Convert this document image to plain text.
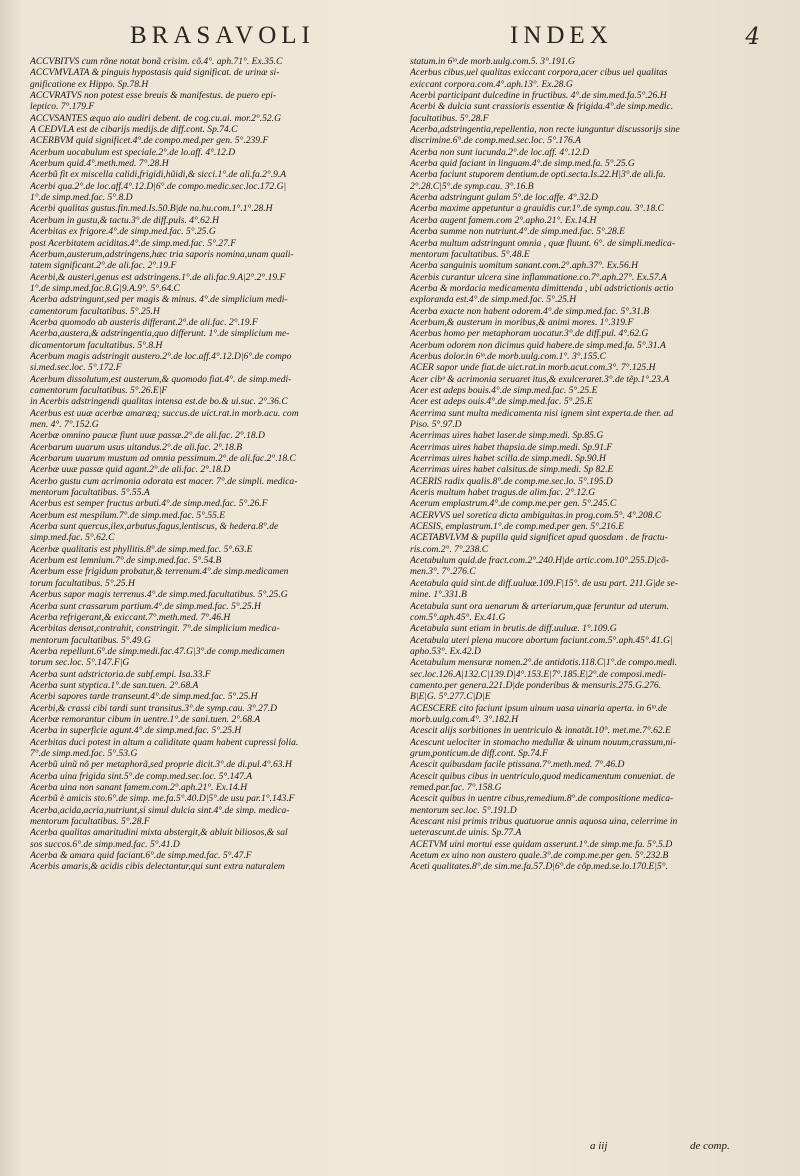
BRASAVOLI	INDEX	4
ACCVBITVS cum rõne notat bonã crisim. cõ.4°. aph.71°. Ex.35.C
ACCVMVLATA & pinguis hypostasis quid significat. de urinæ si-
gnificatione ex Hippo. Sp.78.H
ACCVRATVS non potest esse breuis & manifestus. de puero epi-
leptico. 7°.179.F
ACCVSANTES æquo aio audiri debent. de cog.cu.ai. mor.2°.52.G
A CEDVLA est de cibarijs medijs.de diff.cont. Sp.74.C
ACERBVM quid significet.4°.de compo.med.per gen. 5°.239.F
Acerbum uocabulum est speciale.2°.de lo.aff. 4°.12.D
Acerbum quid.4°.meth.med. 7°.28.H
Acerbũ fit ex miscella calidi,frigidi,hũidi,& sicci.1°.de ali.fa.2°.9.A
Acerbi qua.2°.de loc.aff.4°.12.D|6°.de compo.medic.sec.loc.172.G|
1°.de simp.med.fac. 5°.8.D
Acerbi qualitas gustus.fin.med.Is.50.B|de na.hu.com.1°.1°.28.H
Acerbum in gustu,& tactu.3°.de diff.puls. 4°.62.H
Acerbitas ex frigore.4°.de simp.med.fac. 5°.25.G
post Acerbitatem aciditas.4°.de simp.med.fac. 5°.27.F
Acerbum,austerum,adstringens,hæc tria saporis nomina,unam quali-
tatem significant.2°.de ali.fac. 2°.19.F
Acerbi,& austeri,genus est adstringens.1°.de ali.fac.9.A|2°.2°.19.F
1°.de simp.med.fac.8.G|9.A.9°. 5°.64.C
Acerba adstringunt,sed per magis & minus. 4°.de simplicium medi-
camentorum facultatibus. 5°.25.H
Acerba quomodo ab austeris differant.2°.de ali.fac. 2°.19.F
Acerba,austera,& adstringentia,quo differunt. 1°.de simplicium me-
dicamentorum facultatibus. 5°.8.H
Acerbum magis adstringit austero.2°.de loc.aff.4°.12.D|6°.de compo
si.med.sec.loc. 5°.172.F
Acerbum dissolutum,est austerum,& quomodo fiat.4°. de simp.medi-
camentorum facultatibus. 5°.26.E|F
in Acerbis adstringendi qualitas intensa est.de bo.& ui.suc. 2°.36.C
Acerbus est uuæ acerbæ amaræq; succus.de uict.rat.in morb.acu. com
men. 4°. 7°.152.G
Acerbæ omnino paucæ fiunt uuæ passæ.2°.de ali.fac. 2°.18.D
Acerbarum uuarum usus uitandus.2°.de ali.fac. 2°.18.B
Acerbarum uuarum mustum ad omnia pessimum.2°.de ali.fac.2°.18.C
Acerbæ uuæ passæ quid agant.2°.de ali.fac. 2°.18.D
Acerbo gustu cum acrimonia odorata est macer. 7°.de simpli. medica-
mentorum facultatibus. 5°.55.A
Acerbus est semper fructus arbuti.4°.de simp.med.fac. 5°.26.F
Acerbum est mespilum.7°.de simp.med.fac. 5°.55.E
Acerba sunt quercus,ilex,arbutus,fagus,lentiscus, & hedera.8°.de
simp.med.fac. 5°.62.C
Acerbæ qualitatis est phyllitis.8°.de simp.med.fac. 5°.63.E
Acerbum est lemnium.7°.de simp.med.fac. 5°.54.B
Acerbum esse frigidum probatur,& terrenum.4°.de simp.medicamen
torum facultatibus. 5°.25.H
Acerbus sapor magis terrenus.4°.de simp.med.facultatibus. 5°.25.G
Acerba sunt crassarum partium.4°.de simp.med.fac. 5°.25.H
Acerba refrigerant,& exiccant.7°.meth.med. 7°.46.H
Acerbitas densat,contrahit, constringit. 7°.de simplicium medica-
mentorum facultatibus. 5°.49.G
Acerba repellunt.6°.de simp.medi.fac.47.G|3°.de comp.medicamen
torum sec.loc. 5°.147.F|G
Acerba sunt adstrictoria.de subf.empi. Isa.33.F
Acerba sunt styptica.1°.de san.tuen. 2°.68.A
Acerbi sapores tarde transeunt.4°.de simp.med.fac. 5°.25.H
Acerbi,& crassi cibi tardi sunt transitus.3°.de symp.cau. 3°.27.D
Acerbæ remorantur cibum in uentre.1°.de sani.tuen. 2°.68.A
Acerba in superficie agunt.4°.de simp.med.fac. 5°.25.H
Acerbitas duci potest in altum a caliditate quam habent cupressi folia.
7°.de simp.med.fac. 5°.53.G
Acerbũ uinũ nõ per metaphorã,sed proprie dicit.3°.de di.pul.4°.63.H
Acerba uina frigida sint.5°.de comp.med.sec.loc. 5°.147.A
Acerba uina non sanant famem.com.2°.aph.21°. Ex.14.H
Acerbũ è amicis sto.6°.de simp. me.fa.5°.40.D|5°.de usu par.1°.143.F
Acerba,acida,acria,nutriunt,si simul dulcia sint.4°.de simp. medica-
mentorum facultatibus. 5°.28.F
Acerba qualitas amaritudini mixta abstergit,& abluit biliosos,& sal
sos succos.6°.de simp.med.fac. 5°.41.D
Acerba & amara quid faciant.6°.de simp.med.fac. 5°.47.F
Acerbis amaris,& acidis cibis delectantur,qui sunt extra naturalem
statum.in 6ᵗᵒ.de morb.uulg.com.5. 3°.191.G
Acerbus cibus,uel qualitas exiccant corpora,acer cibus uel qualitas
exiccant corpora.com.4°.aph.13°. Ex.28.G
Acerbi participant dulcedine in fructibus. 4°.de sim.med.fa.5°.26.H
Acerbi & dulcia sunt crassioris essentiæ & frigida.4°.de simp.medic.
facultatibus. 5°.28.F
Acerba,adstringentia,repellentia, non recte iunguntur discussorijs sine
discrimine.6°.de comp.med.sec.loc. 5°.176.A
Acerba non sunt iucunda.2°.de loc.aff. 4°.12.D
Acerba quid faciant in linguam.4°.de simp.med.fa. 5°.25.G
Acerba faciunt stuporem dentium.de opti.secta.Is.22.H|3°.de ali.fa.
2°.28.C|5°.de symp.cau. 3°.16.B
Acerba adstringunt gulam 5°.de loc.affe. 4°.32.D
Acerba maxime appetuntur a grauidis cur.1°.de symp.cau. 3°.18.C
Acerba augent famem.com 2°.apho.21°. Ex.14.H
Acerba summe non nutriunt.4°.de simp.med.fac. 5°.28.E
Acerba multum adstringunt omnia , quæ fluunt. 6°. de simpli.medica-
mentorum facultatibus. 5°.48.E
Acerba sanguinis uomitum sanant.com.2°.aph.37°. Ex.56.H
Acerbis curantur ulcera sine inflammatione.co.7°.aph.27°. Ex.57.A
Acerba & mordacia medicamenta dimittenda , ubi adstrictionis actio
exploranda est.4°.de simp.med.fac. 5°.25.H
Acerba exacte non habent odorem.4°.de simp.med.fac. 5°.31.B
Acerbum,& austerum in moribus,& animi mores. 1°.319.F
Acerbus homo per metaphoram uocatur.3°.de diff.pul. 4°.62.G
Acerbum odorem non dicimus quid habere.de simp.med.fa. 5°.31.A
Acerbus dolor.in 6ᵗᵒ.de morb.uulg.com.1°. 3°.155.C
ACER sapor unde fiat.de uict.rat.in morb.acut.com.3°. 7°.125.H
Acer cibᵒ & acrimonia seruaret itus,& exulceraret.3°.de tẽp.1°.23.A
Acer est adeps bouis.4°.de simp.med.fac. 5°.25.E
Acer est adeps ouis.4°.de simp.med.fac. 5°.25.E
Acerrima sunt multa medicamenta nisi ignem sint experta.de ther. ad
Piso. 5°.97.D
Acerrimas uires habet laser.de simp.medi. Sp.85.G
Acerrimas uires habet thapsia.de simp.medi. Sp.91.F
Acerrimas uires habet scilla.de simp.medi. Sp.90.H
Acerrimas uires habet calsitus.de simp.medi. Sp 82.E
ACERIS radix qualis.8°.de comp.me.sec.lo. 5°.195.D
Aceris multum habet tragus.de alim.fac. 2°.12.G
Acerum emplastrum.4°.de comp.me.per gen. 5°.245.C
ACERVVS uel soretica dicta ambiguitas.in prog.com.5°. 4°.208.C
ACESIS, emplastrum.1°.de comp.med.per gen. 5°.216.E
ACETABVLVM & pupilla quid significet apud quosdam . de fractu-
ris.com.2°. 7°.238.C
Acetabulum quid.de fract.com.2°.240.H|de artic.com.10°.255.D|cõ-
men.3°. 7°.276.C
Acetabula quid sint.de diff.uuluæ.109.F|15°. de usu part. 211.G|de se-
mine. 1°.331.B
Acetabula sunt ora uenarum & arteriarum,quæ feruntur ad uterum.
com.5°.aph.45°. Ex.41.G
Acetabula sunt etiam in brutis.de diff.uuluæ. 1°.109.G
Acetabula uteri plena mucore abortum faciunt.com.5°.aph.45°.41.G|
apho.53°. Ex.42.D
Acetabulum mensuræ nomen.2°.de antidotis.118.C|1°.de compo.medi.
sec.loc.126.A|132.C|139.D|4°.153.E|7°.185.E|2°.de composi.medi-
camento.per genera.221.D|de ponderibus & mensuris.275.G.276.
B|E|G. 5°.277.C|D|E
ACESCERE cito faciunt ipsum uinum uasa uinaria aperta. in 6ᵗᵒ.de
morb.uulg.com.4°. 3°.182.H
Acescit alijs sorbitiones in uentriculo & innatãt.10°. met.me.7°.62.E
Acescunt uelociter in stomacho medullæ & uinum nouum,crassum,ni-
grum,ponticum.de diff.cont. Sp.74.F
Acescit quibusdam facile ptissana.7°.meth.med. 7°.46.D
Acescit quibus cibus in uentriculo,quod medicamentum conueniat. de
remed.par.fac. 7°.158.G
Acescit quibus in uentre cibus,remedium.8°.de compositione medica-
mentorum sec.loc. 5°.191.D
Acescant nisi primis tribus quatuorue annis aquosa uina, celerrime in
ueterascunt.de uinis. Sp.77.A
ACETVM uini mortui esse quidam asserunt.1°.de simp.me.fa. 5°.5.D
Acetum ex uino non austero quale.3°.de comp.me.per gen. 5°.232.B
Aceti qualitates.8°.de sim.me.fa.57.D|6°.de cõp.med.se.lo.170.E|5°.
a iij	de comp.
